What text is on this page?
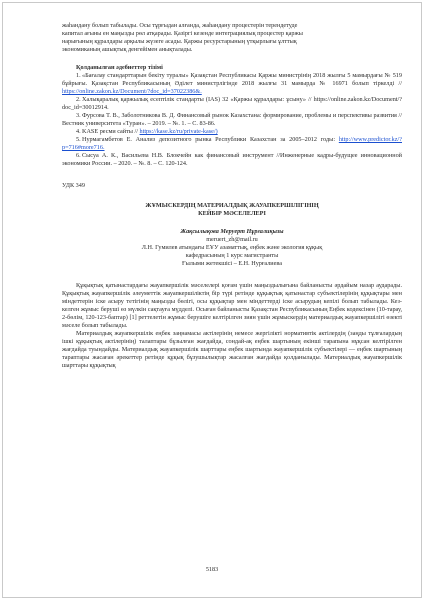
жаһандану болып табылады. Осы тұрғыдан алғанда, жаһандану процестерін терендетуде

капитал ағыны ен маңызды рөл атқарады. Қазіргі кезенде интеграциялық процестер қаржы

нарығының құралдары арқылы жүзеге асады. Қаржы ресурстарының үтқырлығы ұлттық

экономиканың ашықтық денгейімен анықталады.

Қолданылған әдебиеттер тізімі

1.«Бағалау стандарттарын бекіту туралы» Қазақстан Республикасы Қаржы министрінің 2018 жылғы 5 мамырдағы № 519 бұйрығы. Қазақстан Республикасының Әділет министрлігінде 2018 жылғы 31 мамырда № 16971 болып тіркелді // https://online.zakon.kz/Document/?doc_id=37022386&.

2.Халықаралық қаржылық есептілік стандарты (IAS) 32 «Қаржы құралдары: ұсыну» // https://online.zakon.kz/Document/?doc_id=30012914.

3.Фурсова Т. В., Заболотникова В. Д. Финансовый рынок Казахстана: формирование, проблемы и перспективы развития //Вестник университета «Туран». – 2019. – №. 1. – С. 83-86.

4.KASE ресми сайты // https://kase.kz/ru/private-kase/)

5.Нурмагамбетов Е. Анализ депозитного рынка Республики Казахстан за 2005–2012 годы: http://www.predictor.kz/?p=716#more716.

6.Сысуа А. К., Васильева Н.В. Блокчейн как финансовый инструмент //Инженерные кадры-будущее инновационной экономики России. – 2020. – №. 8. – С. 120-124.

УДК 349
ЖҰМЫСКЕРДІҢ МАТЕРИАЛДЫҚ ЖАУАПКЕРШІЛІГІНІҢ
КЕЙБІР МӘСЕЛЕЛЕРІ
Жақсылықова Меруерт Нұрғалиқызы
meruert_zh@mail.ru
Л.Н. Гумилев атындағы ЕҰУ азаматтық, еңбек және экология құқық
кафедрасының 1 курс магистранты
Ғылыми жетекшісі – Е.Н. Нурғалиева

Құқықтық қатынастардағы жауапкершілік мәселелері қоғам үшін маңыздылығына байланысты әрдайым назар аударады. Құқықтық жауапкершілік әлеуметтік жауапкершіліктің бір түрі ретінде құқықтық қатынастар субъектілерінің құқықтары мен міндеттерін іске асыру тетігінің маңызды бөлігі, осы құқықтар мен міндеттерді іске асырудың кепілі болып табылады. Кез-келген жұмыс беруші өз мүлкін сақтауға мүдделі. Осыған байланысты Қазақстан Республикасының Еңбек кодексінен (10-тарау, 2-бөлім, 120-123-баптар) [1] реттелетін жұмыс берушіге келтірілген зиян үшін жұмыскердің материалдық жауапкершілігі өзекті мәселе болып табылады.

Материалдық жауапкершілік еңбек заңнамасы актілерінің немесе жергілікті нормативтік актілердің (заңды тұлғалардың ішкі құқықтық актілерінің) талаптары бұзылған жағдайда, сондай-ақ еңбек шартының екінші тарапына нұқсан келтірілген жағдайда туындайды. Материалдық жауапкершілік шарттары еңбек шартында жауапкершілік субъектілері — еңбек шартының тараптары жасаған әрекеттер ретінде құқық бұзушылықтар жасалған жағдайда қолданылады. Материалдық жауапкершілік шарттары құқықтық

5183
